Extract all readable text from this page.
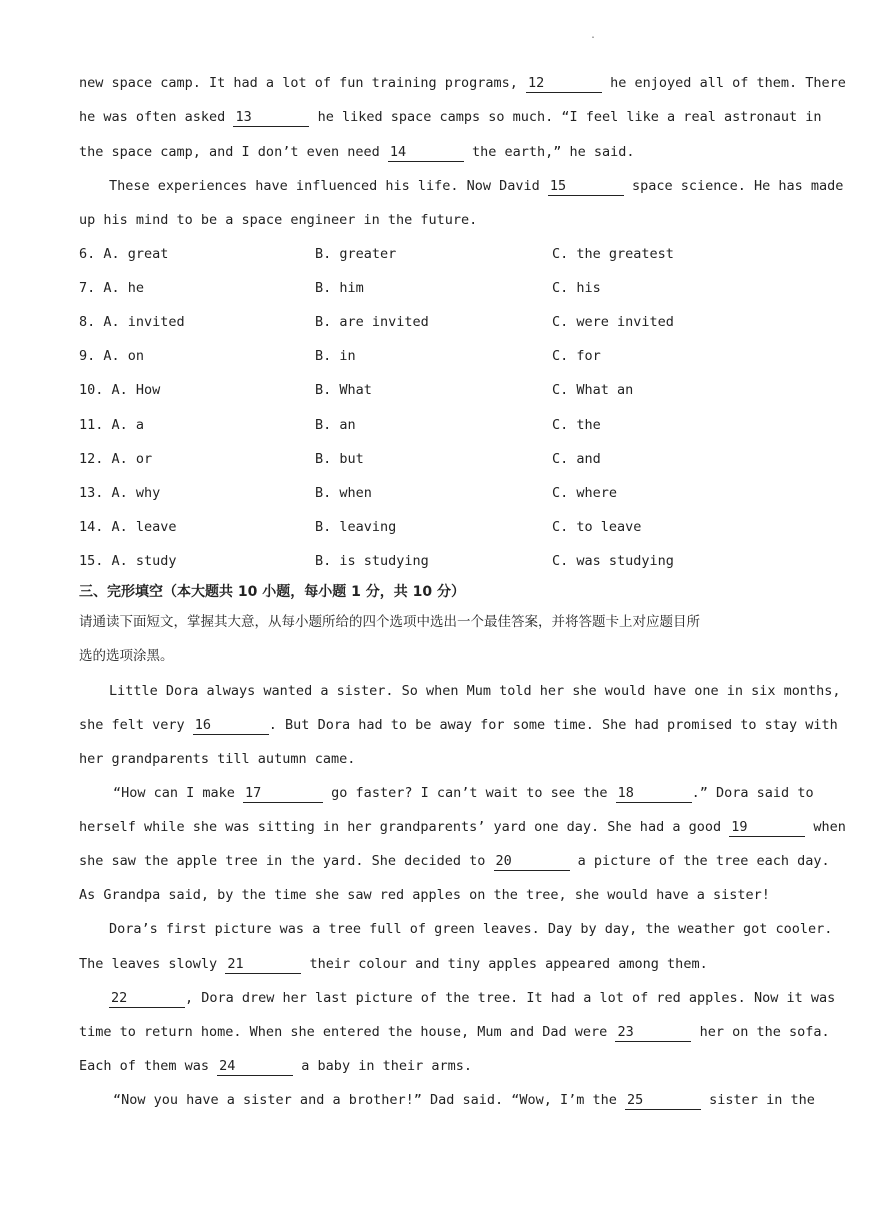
.
new space camp. It had a lot of fun training programs, 12	he enjoyed all of them. There
he was often asked 13	he liked space camps so much. “I feel like a real astronaut in
the space camp, and I don’t even need 14	the earth,” he said.
These experiences have influenced his life. Now David 15	space science. He has made
up his mind to be a space engineer in the future.
6. A. great	B. greater	C. the greatest
7. A. he	B. him	C. his
8. A. invited	B. are invited	C. were invited
9. A. on	B. in	C. for
10. A. How	B. What	C. What an
11. A. a	B. an	C. the
12. A. or	B. but	C. and
13. A. why	B. when	C. where
14. A. leave	B. leaving	C. to leave
15. A. study	B. is studying	C. was studying
三、完形填空（本大题共 10 小题，每小题 1 分，共 10 分）
请通读下面短文，掌握其大意，从每小题所给的四个选项中选出一个最佳答案，并将答题卡上对应题目所
选的选项涂黑。
Little Dora always wanted a sister. So when Mum told her she would have one in six months,
she felt very 16	. But Dora had to be away for some time. She had promised to stay with
her grandparents till autumn came.
“How can I make 17	go faster? I can’t wait to see the 18	.” Dora said to
herself while she was sitting in her grandparents’ yard one day. She had a good 19	when
she saw the apple tree in the yard. She decided to 20	a picture of the tree each day.
As Grandpa said, by the time she saw red apples on the tree, she would have a sister!
Dora’s first picture was a tree full of green leaves. Day by day, the weather got cooler.
The leaves slowly 21	their colour and tiny apples appeared among them.
22	, Dora drew her last picture of the tree. It had a lot of red apples. Now it was
time to return home. When she entered the house, Mum and Dad were 23	her on the sofa.
Each of them was 24	a baby in their arms.
“Now you have a sister and a brother!” Dad said. “Wow, I’m the 25	sister in the
